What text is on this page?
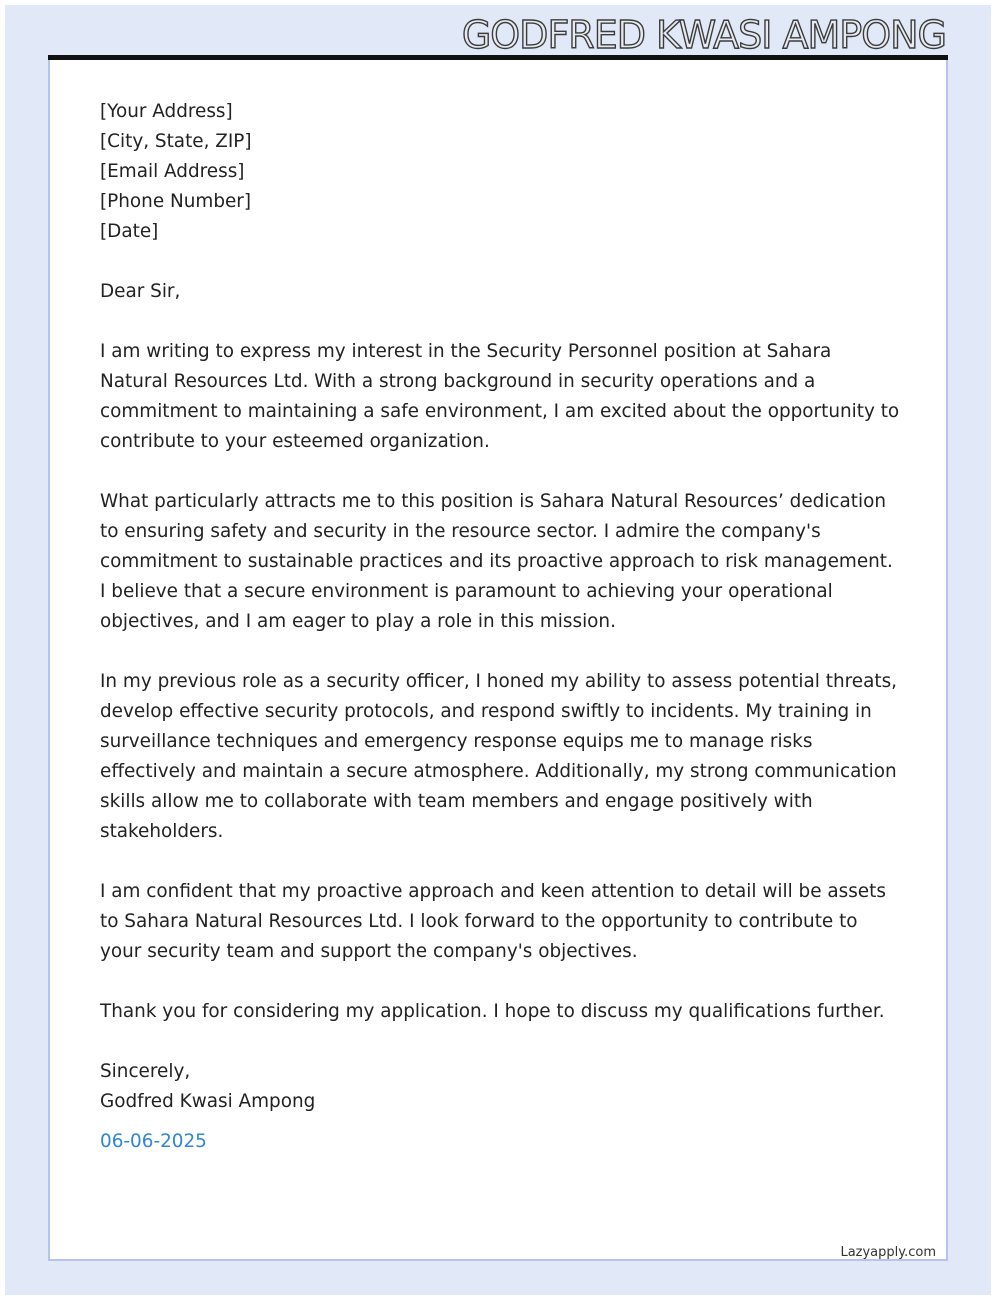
GODFRED KWASI AMPONG
[Your Address]
[City, State, ZIP]
[Email Address]
[Phone Number]
[Date]

Dear Sir,

I am writing to express my interest in the Security Personnel position at Sahara Natural Resources Ltd. With a strong background in security operations and a commitment to maintaining a safe environment, I am excited about the opportunity to contribute to your esteemed organization.

What particularly attracts me to this position is Sahara Natural Resources’ dedication to ensuring safety and security in the resource sector. I admire the company's commitment to sustainable practices and its proactive approach to risk management. I believe that a secure environment is paramount to achieving your operational objectives, and I am eager to play a role in this mission.

In my previous role as a security officer, I honed my ability to assess potential threats, develop effective security protocols, and respond swiftly to incidents. My training in surveillance techniques and emergency response equips me to manage risks effectively and maintain a secure atmosphere. Additionally, my strong communication skills allow me to collaborate with team members and engage positively with stakeholders.

I am confident that my proactive approach and keen attention to detail will be assets to Sahara Natural Resources Ltd. I look forward to the opportunity to contribute to your security team and support the company's objectives.

Thank you for considering my application. I hope to discuss my qualifications further.

Sincerely,
Godfred Kwasi Ampong
06-06-2025
Lazyapply.com
